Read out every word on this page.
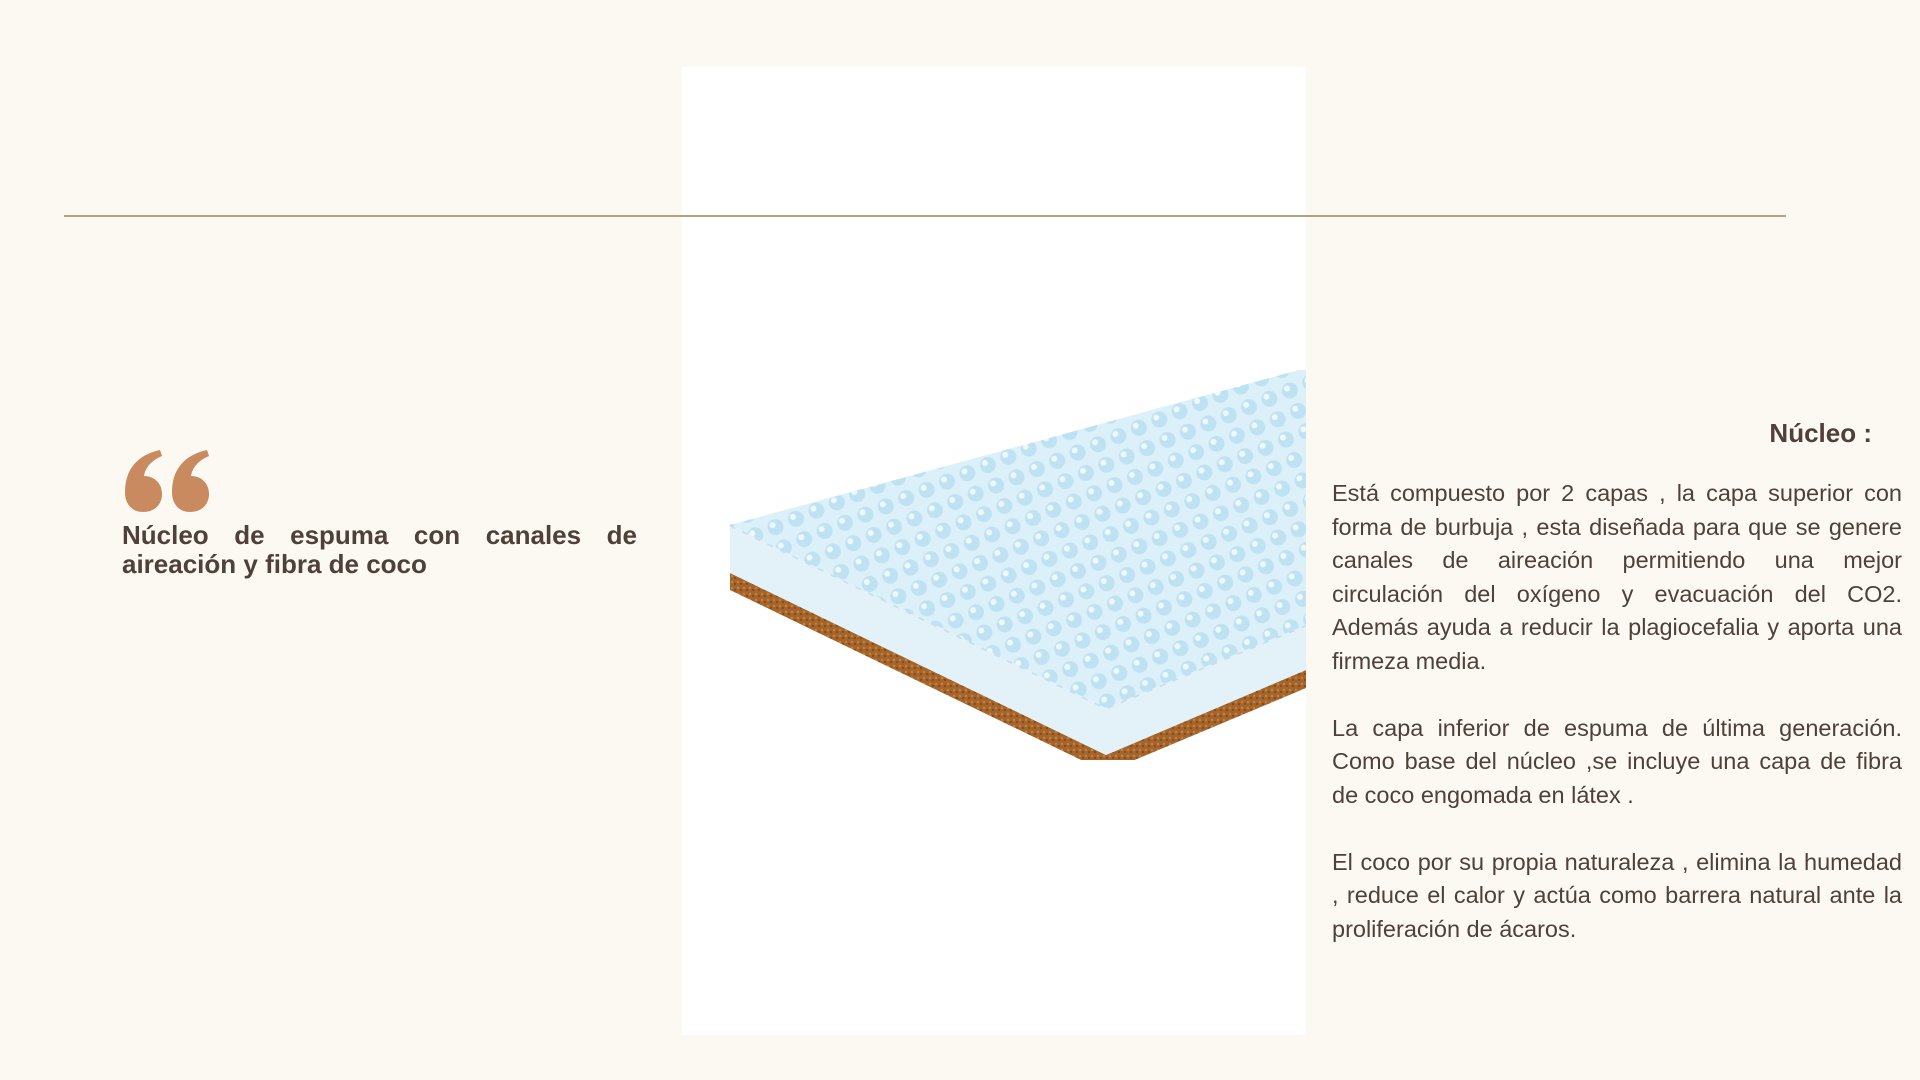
Núcleo de espuma con canales de aireación y fibra de coco
Núcleo :

Está compuesto por 2 capas , la capa superior con forma de burbuja , esta diseñada para que se genere canales de aireación permitiendo una mejor circulación del oxígeno y evacuación del CO2. Además ayuda a reducir la plagiocefalia y aporta una firmeza media.

La capa inferior de espuma de última generación. Como base del núcleo ,se incluye una capa de fibra de coco engomada en látex .

El coco por su propia naturaleza , elimina la humedad , reduce el calor y actúa como barrera natural ante la proliferación de ácaros.
